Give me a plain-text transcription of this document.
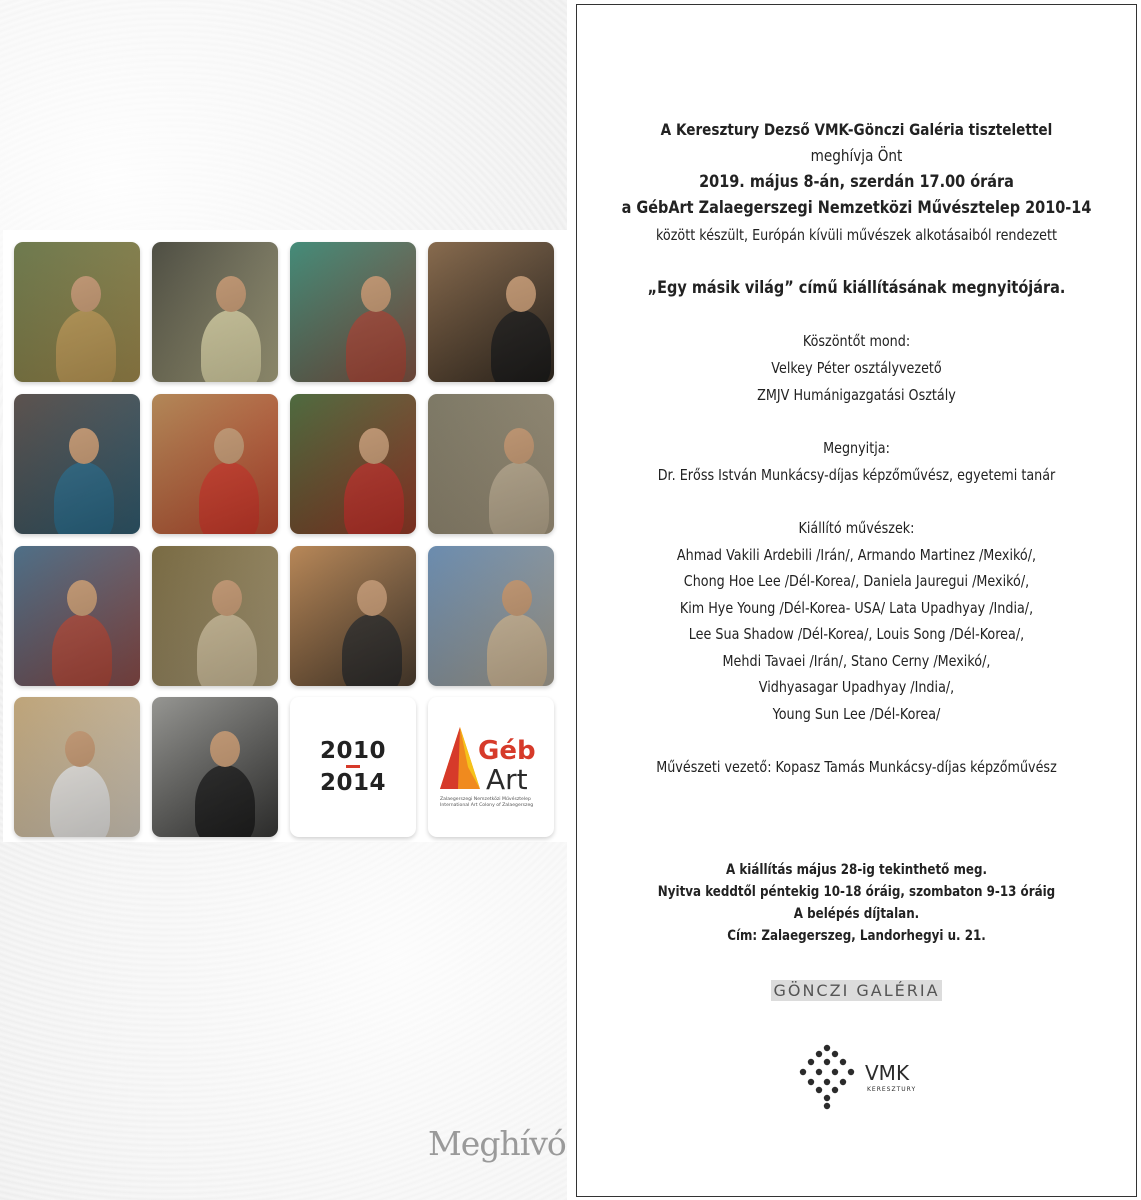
2010
2014
Géb
Art
Zalaegerszegi Nemzetközi Művésztelep
International Art Colony of Zalaegerszeg
Meghívó
A Keresztury Dezső VMK-Gönczi Galéria tisztelettel
meghívja Önt
2019. május 8-án, szerdán 17.00 órára
a GébArt Zalaegerszegi Nemzetközi Művésztelep 2010-14
között készült, Európán kívüli művészek alkotásaiból rendezett
„Egy másik világ” című kiállításának megnyitójára.
Köszöntőt mond:
Velkey Péter osztályvezető
ZMJV Humánigazgatási Osztály
Megnyitja:
Dr. Erőss István Munkácsy-díjas képzőművész, egyetemi tanár
Kiállító művészek:
Ahmad Vakili Ardebili /Irán/, Armando Martinez /Mexikó/,
Chong Hoe Lee /Dél-Korea/, Daniela Jauregui /Mexikó/,
Kim Hye Young /Dél-Korea- USA/ Lata Upadhyay /India/,
Lee Sua Shadow /Dél-Korea/, Louis Song /Dél-Korea/,
Mehdi Tavaei /Irán/, Stano Cerny /Mexikó/,
Vidhyasagar Upadhyay /India/,
Young Sun Lee /Dél-Korea/
Művészeti vezető: Kopasz Tamás Munkácsy-díjas képzőművész
A kiállítás május 28-ig tekinthető meg.
Nyitva keddtől péntekig 10-18 óráig, szombaton 9-13 óráig
A belépés díjtalan.
Cím: Zalaegerszeg, Landorhegyi u. 21.
GÖNCZI GALÉRIA
VMK
KERESZTURY
